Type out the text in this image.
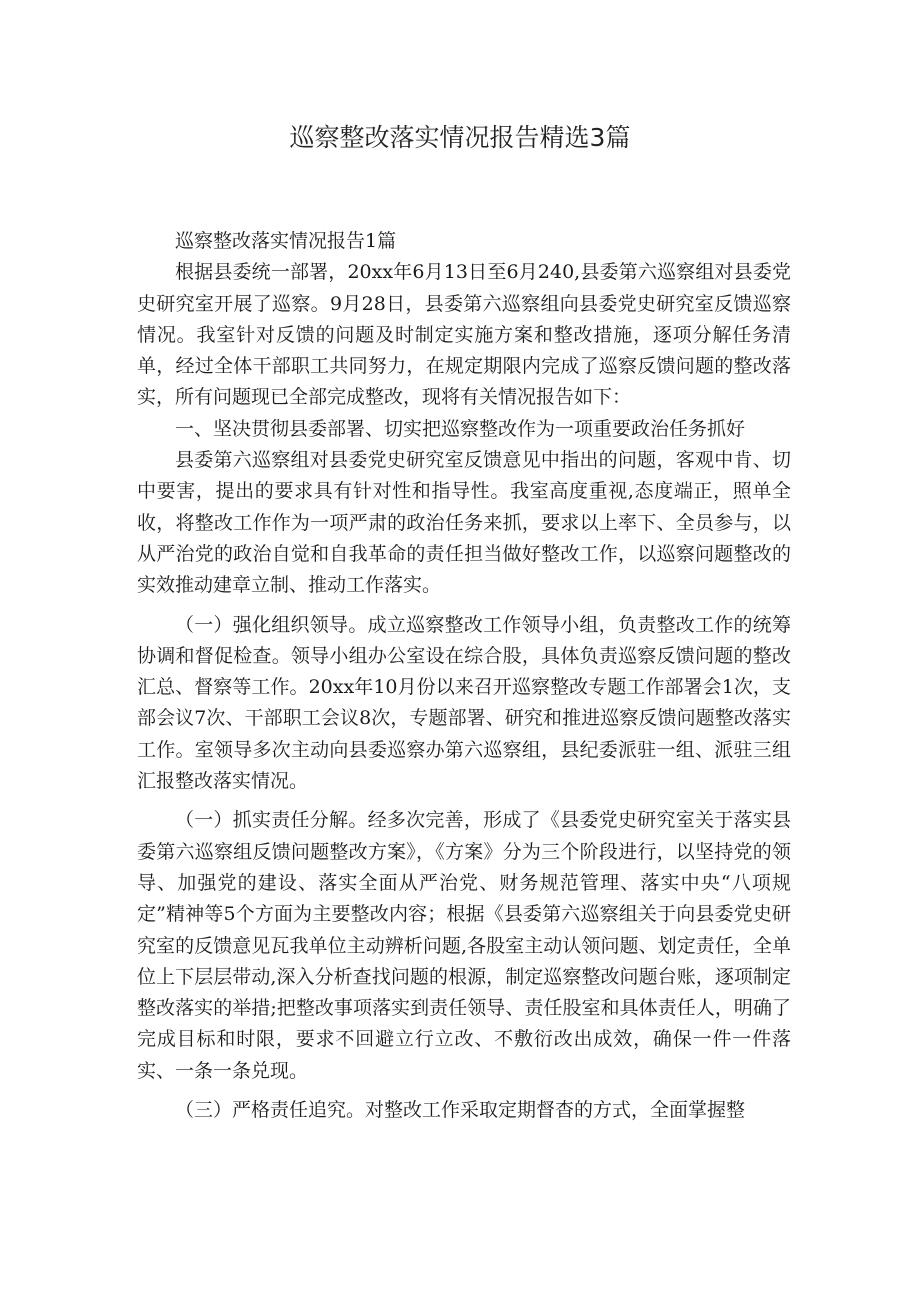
巡察整改落实情况报告精选3篇

巡察整改落实情况报告1篇

根据县委统一部署，20xx年6月13日至6月240,县委第六巡察组对县委党史研究室开展了巡察。9月28日，县委第六巡察组向县委党史研究室反馈巡察情况。我室针对反馈的问题及时制定实施方案和整改措施，逐项分解任务清单，经过全体干部职工共同努力，在规定期限内完成了巡察反馈问题的整改落实，所有问题现已全部完成整改，现将有关情况报告如下：

一、坚决贯彻县委部署、切实把巡察整改作为一项重要政治任务抓好

县委第六巡察组对县委党史研究室反馈意见中指出的问题，客观中肯、切中要害，提出的要求具有针对性和指导性。我室高度重视,态度端正，照单全收，将整改工作作为一项严肃的政治任务来抓，要求以上率下、全员参与，以从严治党的政治自觉和自我革命的责任担当做好整改工作，以巡察问题整改的实效推动建章立制、推动工作落实。

（一）强化组织领导。成立巡察整改工作领导小组，负责整改工作的统筹协调和督促检查。领导小组办公室设在综合股，具体负责巡察反馈问题的整改汇总、督察等工作。20xx年10月份以来召开巡察整改专题工作部署会1次，支部会议7次、干部职工会议8次，专题部署、研究和推进巡察反馈问题整改落实工作。室领导多次主动向县委巡察办第六巡察组，县纪委派驻一组、派驻三组汇报整改落实情况。

（一）抓实责任分解。经多次完善，形成了《县委党史研究室关于落实县委第六巡察组反馈问题整改方案》，《方案》分为三个阶段进行，以坚持党的领导、加强党的建设、落实全面从严治党、财务规范管理、落实中央“八项规定”精神等5个方面为主要整改内容；根据《县委第六巡察组关于向县委党史研究室的反馈意见瓦我单位主动辨析问题,各股室主动认领问题、划定责任，全单位上下层层带动,深入分析查找问题的根源，制定巡察整改问题台账，逐项制定整改落实的举措;把整改事项落实到责任领导、责任股室和具体责任人，明确了完成目标和时限，要求不回避立行立改、不敷衍改出成效，确保一件一件落实、一条一条兑现。

（三）严格责任追究。对整改工作采取定期督杳的方式，全面掌握整
